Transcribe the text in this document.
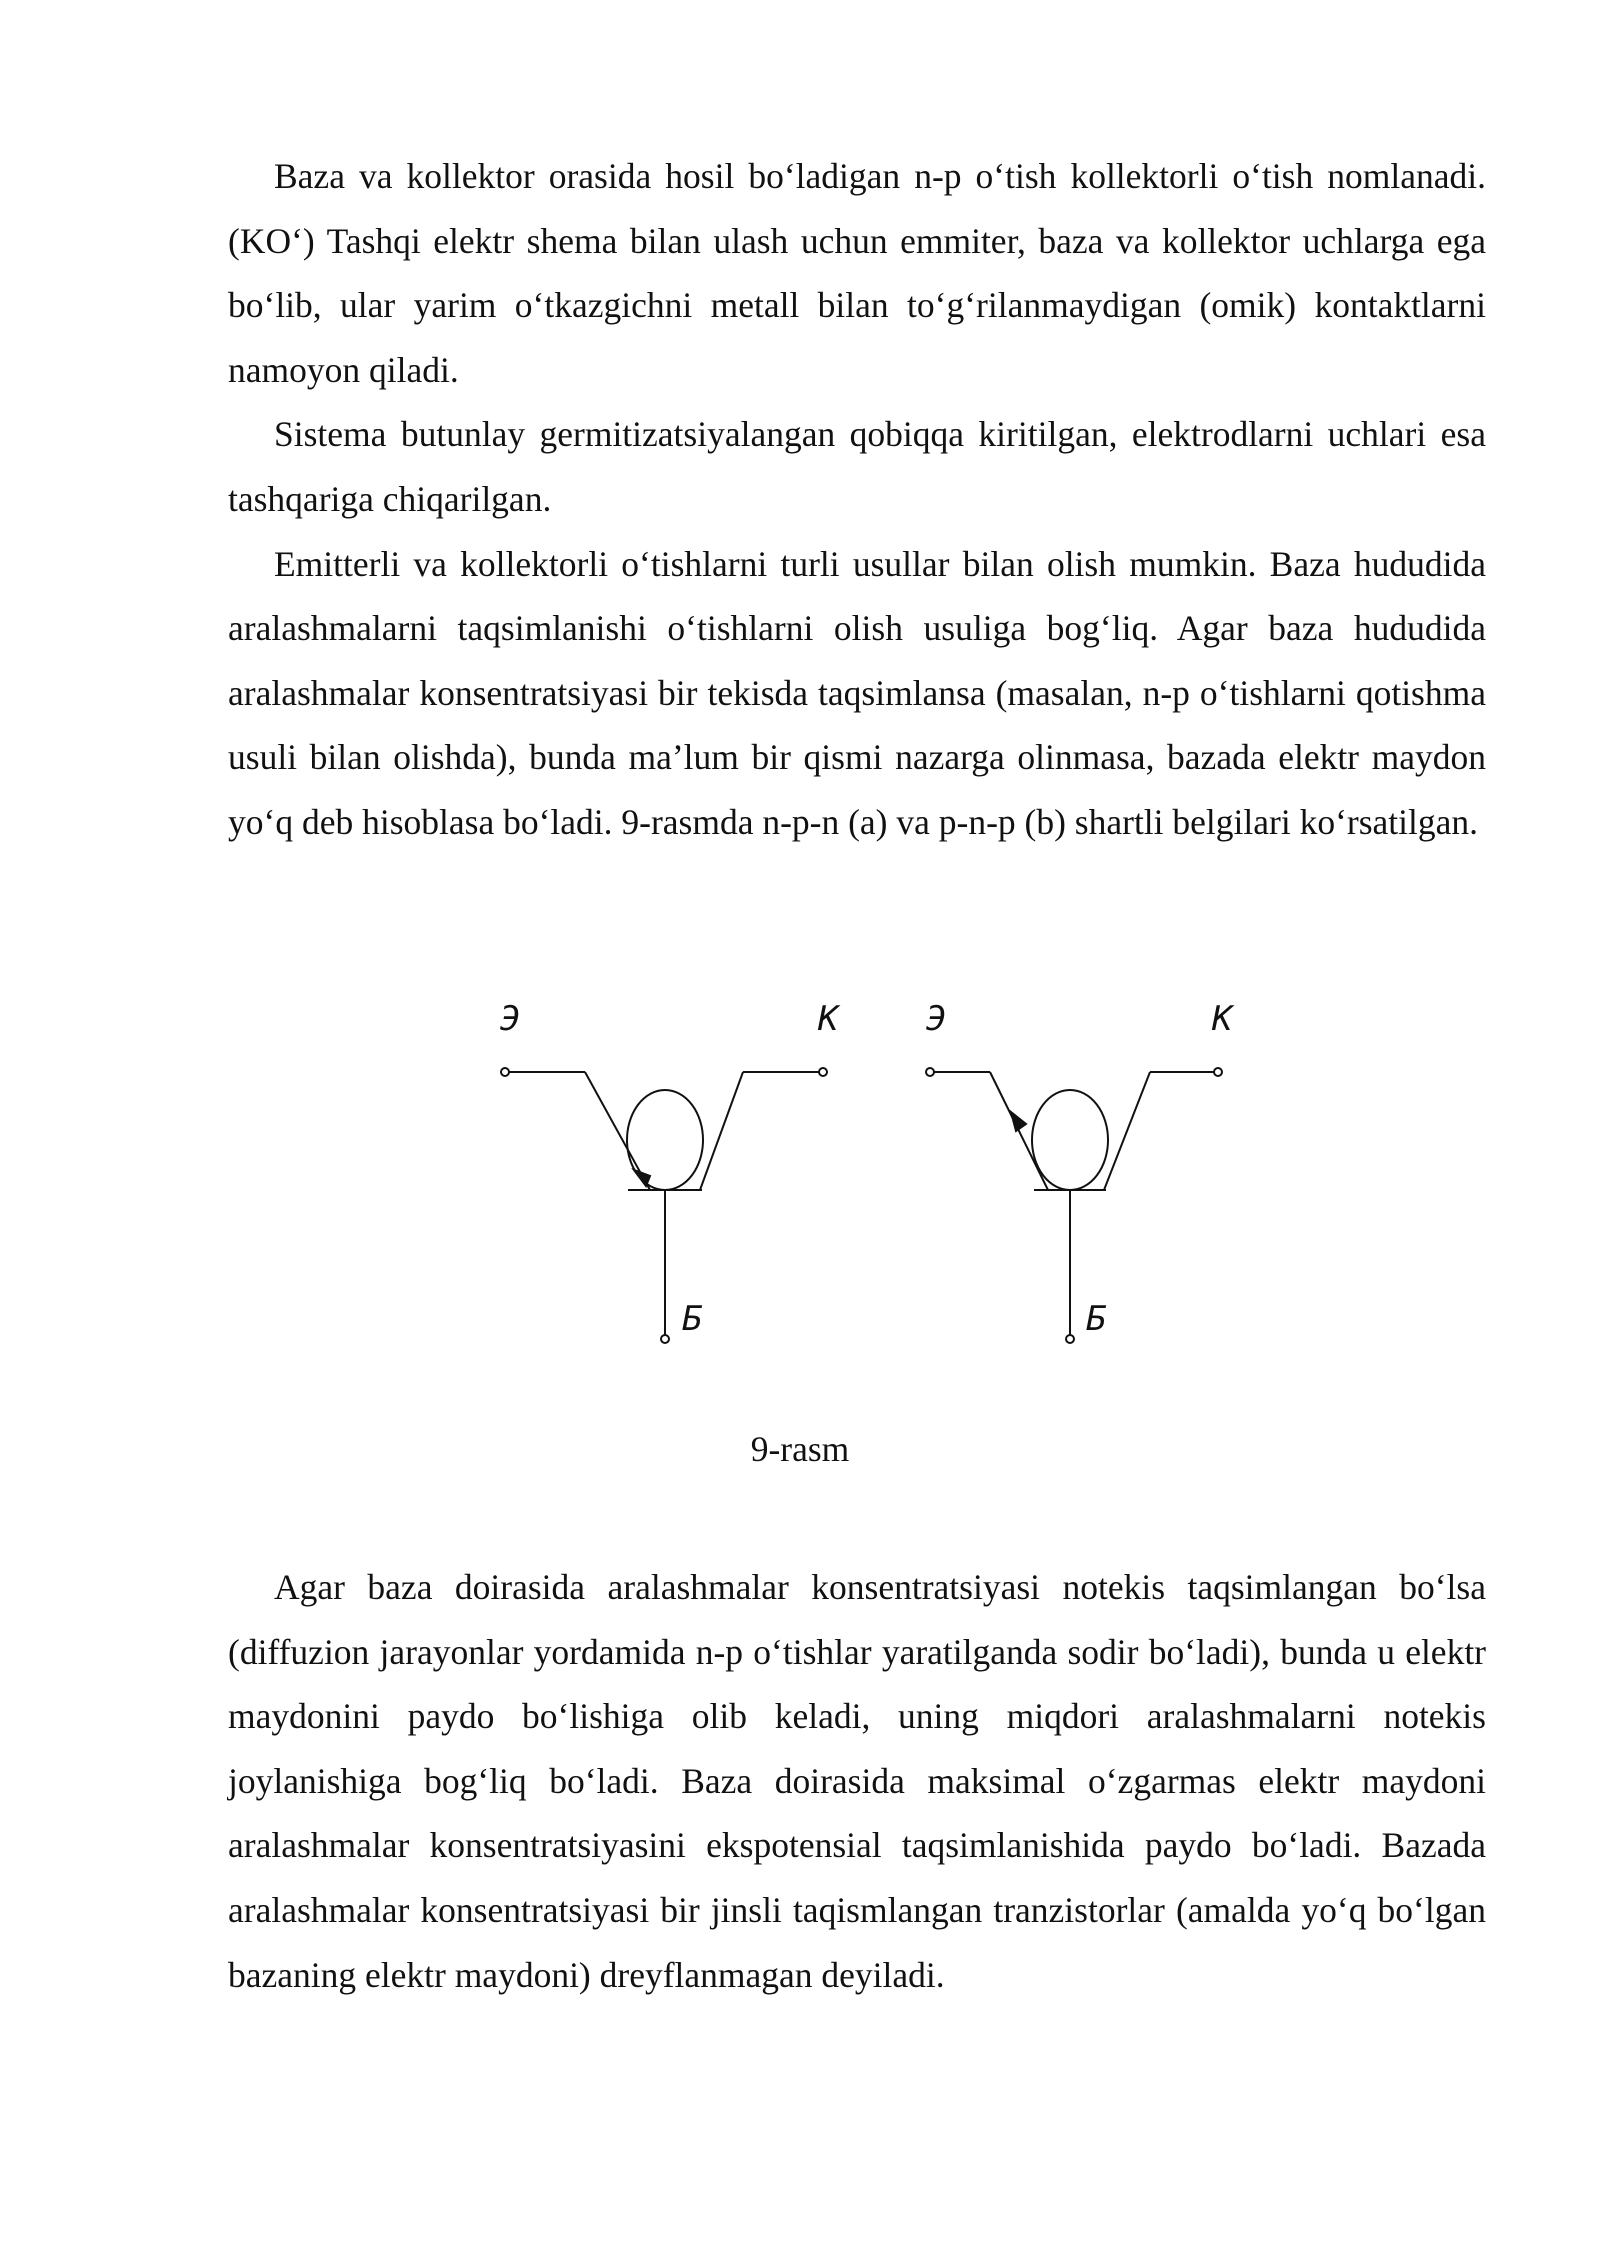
Baza va kollektor orasida hosil bo‘ladigan n-p o‘tish kollektorli o‘tish nomlanadi. (KO‘) Tashqi elektr shema bilan ulash uchun emmiter, baza va kollektor uchlarga ega bo‘lib, ular yarim o‘tkazgichni metall bilan to‘g‘rilanmaydigan (omik) kontaktlarni namoyon qiladi.

Sistema butunlay germitizatsiyalangan qobiqqa kiritilgan, elektrodlarni uchlari esa tashqariga chiqarilgan.

Emitterli va kollektorli o‘tishlarni turli usullar bilan olish mumkin. Baza hududida aralashmalarni taqsimlanishi o‘tishlarni olish usuliga bog‘liq. Agar baza hududida aralashmalar konsentratsiyasi bir tekisda taqsimlansa (masalan, n-p o‘tishlarni qotishma usuli bilan olishda), bunda ma’lum bir qismi nazarga olinmasa, bazada elektr maydon yo‘q deb hisoblasa bo‘ladi. 9-rasmda n-p-n (a) va p-n-p (b) shartli belgilari ko‘rsatilgan.

Э	К
Б
Э	К
Б
9-rasm

Agar baza doirasida aralashmalar konsentratsiyasi notekis taqsimlangan bo‘lsa (diffuzion jarayonlar yordamida n-p o‘tishlar yaratilganda sodir bo‘ladi), bunda u elektr maydonini paydo bo‘lishiga olib keladi, uning miqdori aralashmalarni notekis joylanishiga bog‘liq bo‘ladi. Baza doirasida maksimal o‘zgarmas elektr maydoni aralashmalar konsentratsiyasini ekspotensial taqsimlanishida paydo bo‘ladi. Bazada aralashmalar konsentratsiyasi bir jinsli taqismlangan tranzistorlar (amalda yo‘q bo‘lgan bazaning elektr maydoni) dreyflanmagan deyiladi.
